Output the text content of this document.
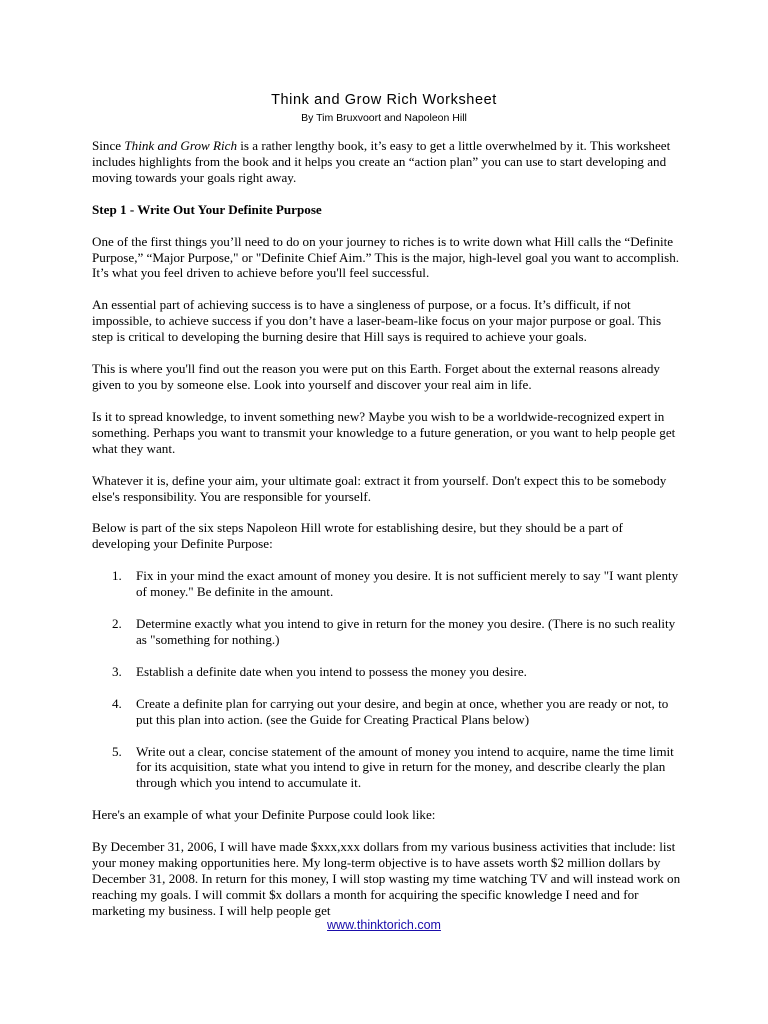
Think and Grow Rich Worksheet
By Tim Bruxvoort and Napoleon Hill

Since Think and Grow Rich is a rather lengthy book, it’s easy to get a little overwhelmed by it. This worksheet includes highlights from the book and it helps you create an “action plan” you can use to start developing and moving towards your goals right away.

Step 1 - Write Out Your Definite Purpose

One of the first things you’ll need to do on your journey to riches is to write down what Hill calls the “Definite Purpose,” “Major Purpose," or "Definite Chief Aim.” This is the major, high-level goal you want to accomplish. It’s what you feel driven to achieve before you'll feel successful.

An essential part of achieving success is to have a singleness of purpose, or a focus. It’s difficult, if not impossible, to achieve success if you don’t have a laser-beam-like focus on your major purpose or goal. This step is critical to developing the burning desire that Hill says is required to achieve your goals.

This is where you'll find out the reason you were put on this Earth. Forget about the external reasons already given to you by someone else. Look into yourself and discover your real aim in life.

Is it to spread knowledge, to invent something new? Maybe you wish to be a worldwide-recognized expert in something. Perhaps you want to transmit your knowledge to a future generation, or you want to help people get what they want.

Whatever it is, define your aim, your ultimate goal: extract it from yourself. Don't expect this to be somebody else's responsibility. You are responsible for yourself.

Below is part of the six steps Napoleon Hill wrote for establishing desire, but they should be a part of developing your Definite Purpose:

1. Fix in your mind the exact amount of money you desire. It is not sufficient merely to say "I want plenty of money." Be definite in the amount.
2. Determine exactly what you intend to give in return for the money you desire. (There is no such reality as "something for nothing.)
3. Establish a definite date when you intend to possess the money you desire.
4. Create a definite plan for carrying out your desire, and begin at once, whether you are ready or not, to put this plan into action. (see the Guide for Creating Practical Plans below)
5. Write out a clear, concise statement of the amount of money you intend to acquire, name the time limit for its acquisition, state what you intend to give in return for the money, and describe clearly the plan through which you intend to accumulate it.

Here's an example of what your Definite Purpose could look like:

By December 31, 2006, I will have made $xxx,xxx dollars from my various business activities that include: list your money making opportunities here. My long-term objective is to have assets worth $2 million dollars by December 31, 2008. In return for this money, I will stop wasting my time watching TV and will instead work on reaching my goals. I will commit $x dollars a month for acquiring the specific knowledge I need and for marketing my business. I will help people get

www.thinktorich.com
